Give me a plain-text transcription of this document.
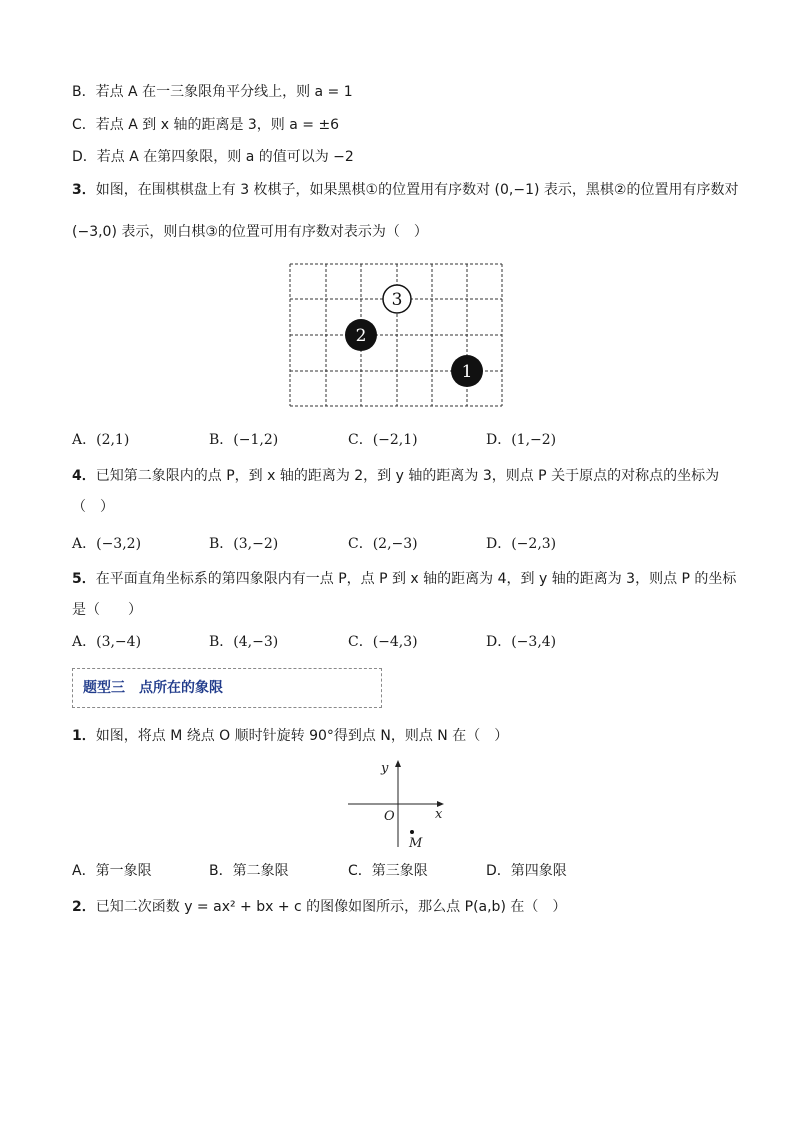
B．若点 A 在一三象限角平分线上，则 a = 1
C．若点 A 到 x 轴的距离是 3，则 a = ±6
D．若点 A 在第四象限，则 a 的值可以为 −2
3．如图，在围棋棋盘上有 3 枚棋子，如果黑棋①的位置用有序数对 (0,−1) 表示，黑棋②的位置用有序数对
(−3,0) 表示，则白棋③的位置可用有序数对表示为（　）
3
2
1
A．(2,1)	B．(−1,2)	C．(−2,1)	D．(1,−2)
4．已知第二象限内的点 P，到 x 轴的距离为 2，到 y 轴的距离为 3，则点 P 关于原点的对称点的坐标为
（　）
A．(−3,2)	B．(3,−2)	C．(2,−3)	D．(−2,3)
5．在平面直角坐标系的第四象限内有一点 P，点 P 到 x 轴的距离为 4，到 y 轴的距离为 3，则点 P 的坐标
是（　　）
A．(3,−4)	B．(4,−3)	C．(−4,3)	D．(−3,4)
题型三　点所在的象限
1．如图，将点 M 绕点 O 顺时针旋转 90°得到点 N，则点 N 在（　）
y
x
O
M
A．第一象限	B．第二象限	C．第三象限	D．第四象限
2．已知二次函数 y = ax² + bx + c 的图像如图所示，那么点 P(a,b) 在（　）
